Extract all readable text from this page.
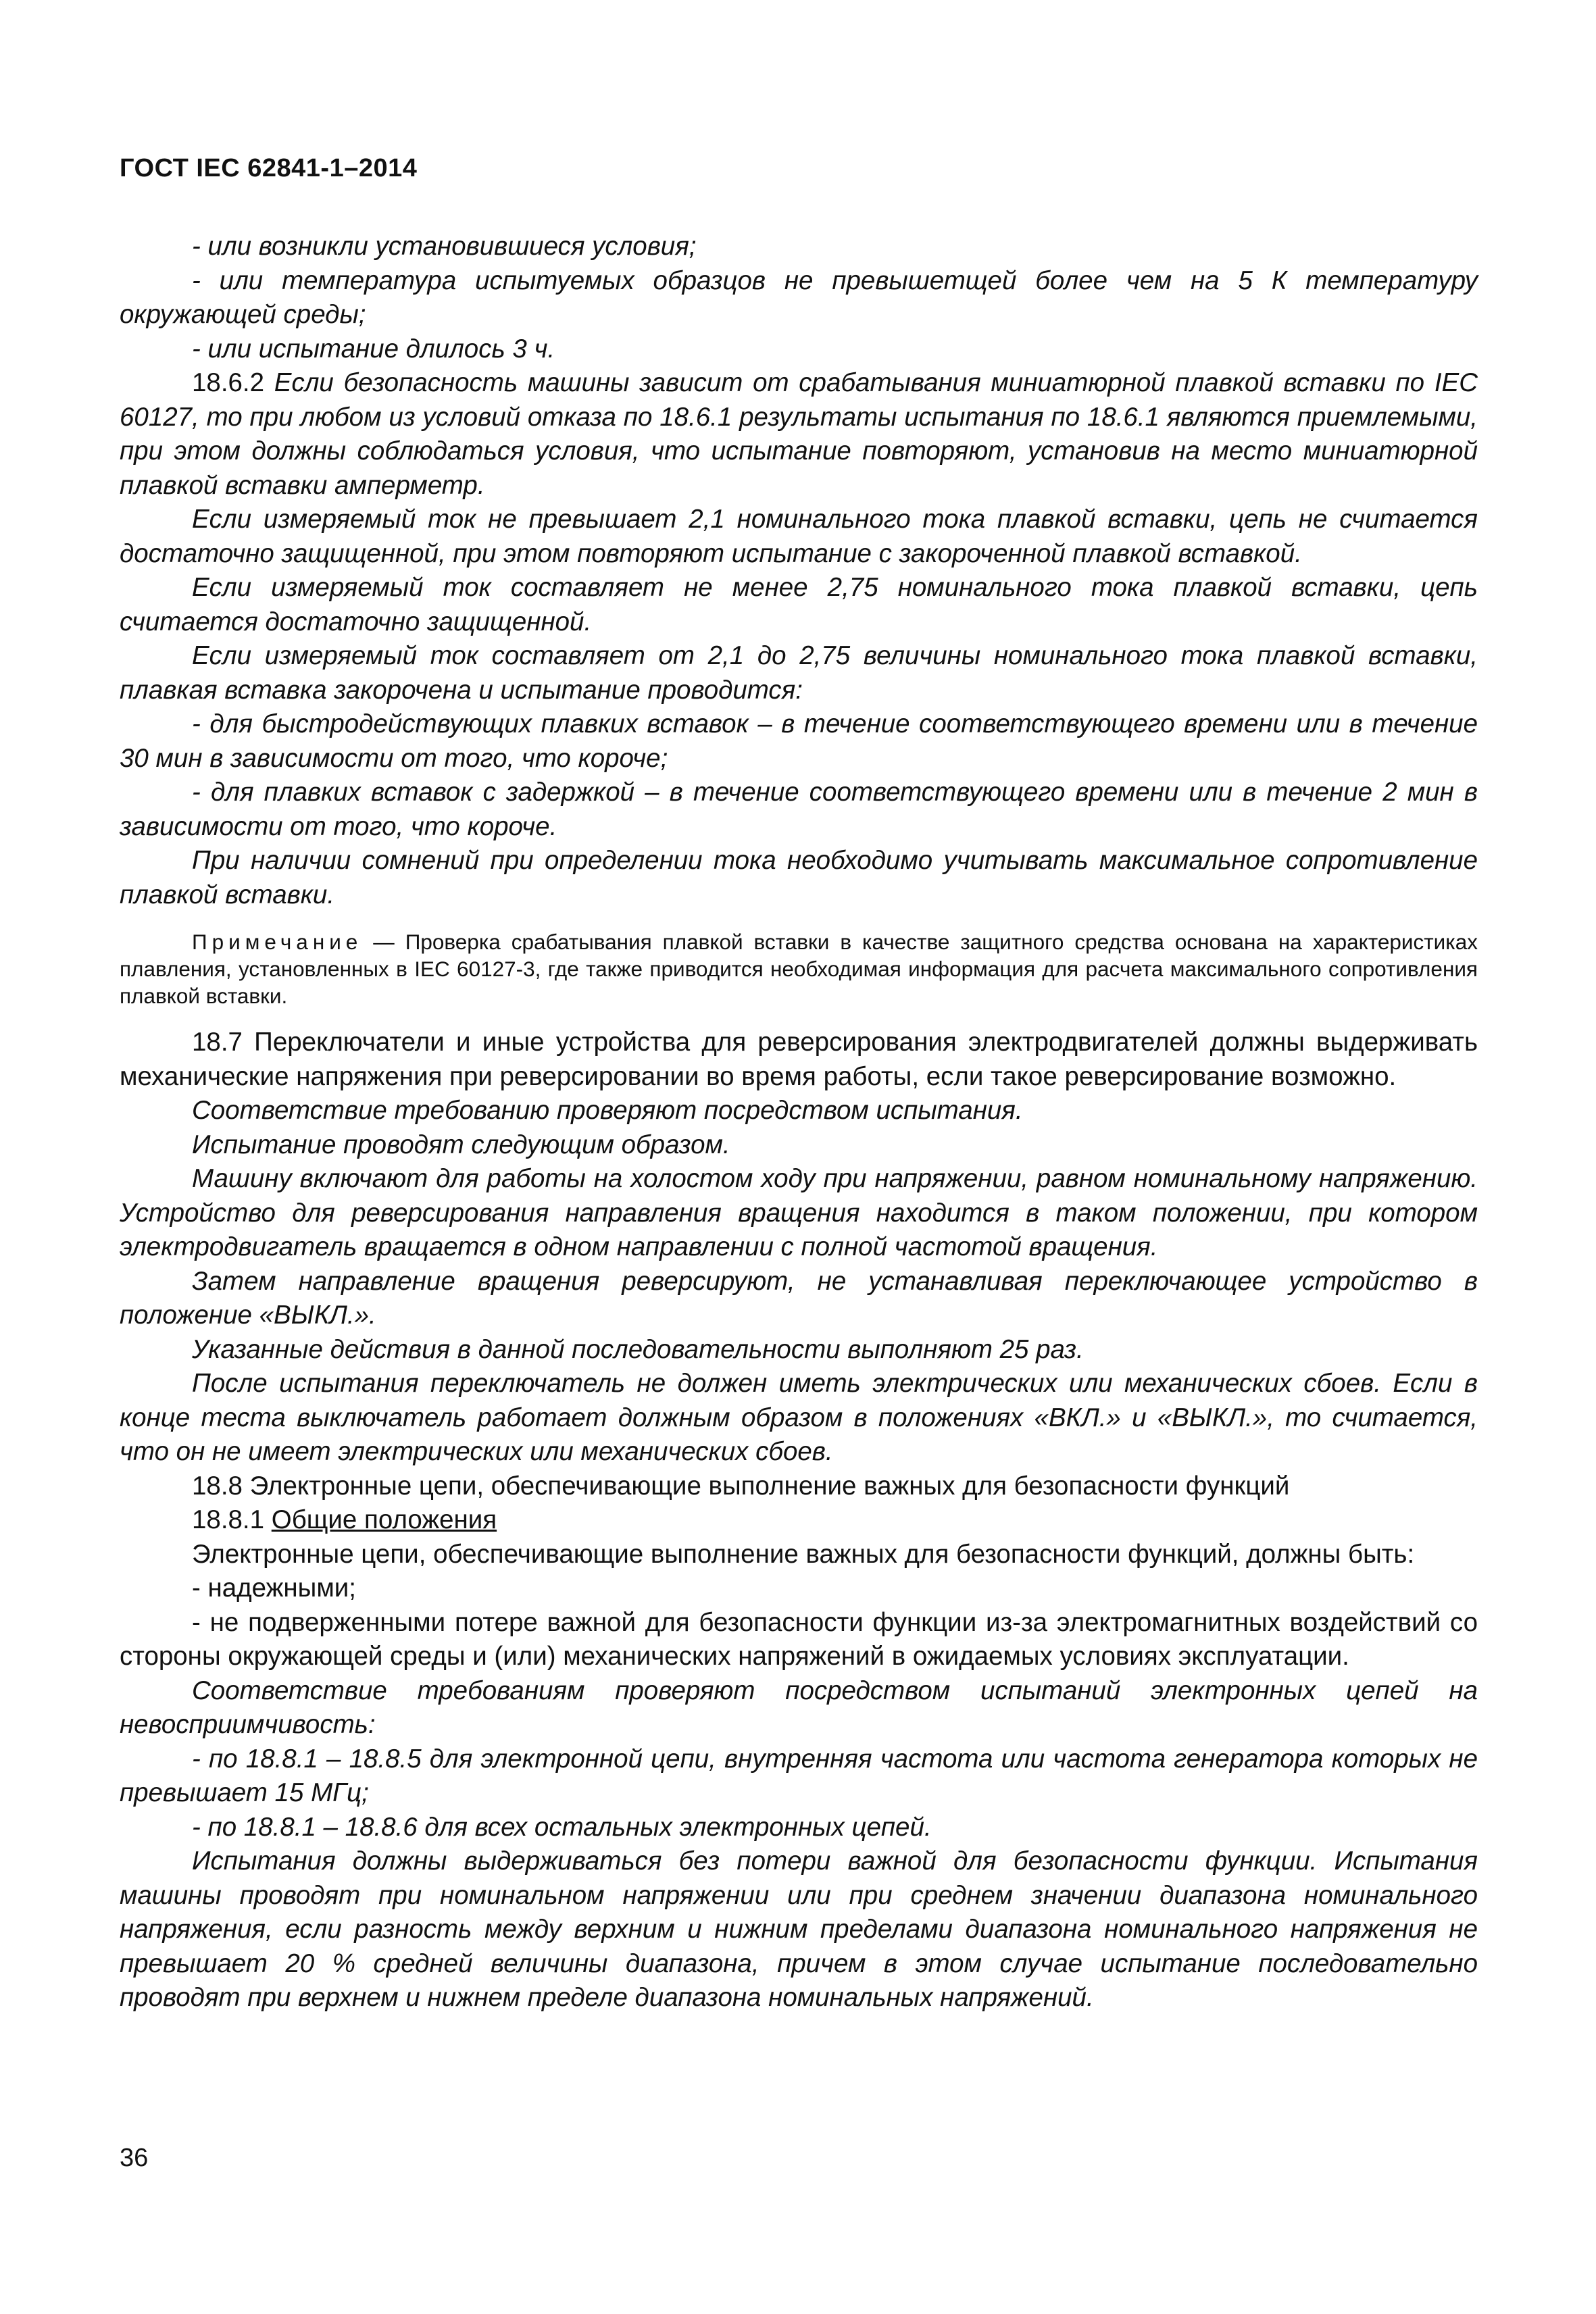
ГОСТ IEC 62841-1–2014

- или возникли установившиеся условия;

- или температура испытуемых образцов не превышетщей более чем на 5 К температуру окружающей среды;

- или испытание длилось 3 ч.

18.6.2 Если безопасность машины зависит от срабатывания миниатюрной плавкой вставки по IEC 60127, то при любом из условий отказа по 18.6.1 результаты испытания по 18.6.1 являются приемлемыми, при этом должны соблюдаться условия, что испытание повторяют, установив на место миниатюрной плавкой вставки амперметр.

Если измеряемый ток не превышает 2,1 номинального тока плавкой вставки, цепь не считается достаточно защищенной, при этом повторяют испытание с закороченной плавкой вставкой.

Если измеряемый ток составляет не менее 2,75 номинального тока плавкой вставки, цепь считается достаточно защищенной.

Если измеряемый ток составляет от 2,1 до 2,75 величины номинального тока плавкой вставки, плавкая вставка закорочена и испытание проводится:

- для быстродействующих плавких вставок – в течение соответствующего времени или в течение 30 мин в зависимости от того, что короче;

- для плавких вставок с задержкой – в течение соответствующего времени или в течение 2 мин в зависимости от того, что короче.

При наличии сомнений при определении тока необходимо учитывать максимальное сопротивление плавкой вставки.

Примечание — Проверка срабатывания плавкой вставки в качестве защитного средства основана на характеристиках плавления, установленных в IEC 60127-3, где также приводится необходимая информация для расчета максимального сопротивления плавкой вставки.

18.7 Переключатели и иные устройства для реверсирования электродвигателей должны выдерживать механические напряжения при реверсировании во время работы, если такое реверсирование возможно.

Соответствие требованию проверяют посредством испытания.

Испытание проводят следующим образом.

Машину включают для работы на холостом ходу при напряжении, равном номинальному напряжению. Устройство для реверсирования направления вращения находится в таком положении, при котором электродвигатель вращается в одном направлении с полной частотой вращения.

Затем направление вращения реверсируют, не устанавливая переключающее устройство в положение «ВЫКЛ.».

Указанные действия в данной последовательности выполняют 25 раз.

После испытания переключатель не должен иметь электрических или механических сбоев. Если в конце теста выключатель работает должным образом в положениях «ВКЛ.» и «ВЫКЛ.», то считается, что он не имеет электрических или механических сбоев.

18.8 Электронные цепи, обеспечивающие выполнение важных для безопасности функций

18.8.1 Общие положения

Электронные цепи, обеспечивающие выполнение важных для безопасности функций, должны быть:

- надежными;

- не подверженными потере важной для безопасности функции из-за электромагнитных воздействий со стороны окружающей среды и (или) механических напряжений в ожидаемых условиях эксплуатации.

Соответствие требованиям проверяют посредством испытаний электронных цепей на невосприимчивость:

- по 18.8.1 – 18.8.5 для электронной цепи, внутренняя частота или частота генератора которых не превышает 15 МГц;

- по 18.8.1 – 18.8.6 для всех остальных электронных цепей.

Испытания должны выдерживаться без потери важной для безопасности функции. Испытания машины проводят при номинальном напряжении или при среднем значении диапазона номинального напряжения, если разность между верхним и нижним пределами диапазона номинального напряжения не превышает 20 % средней величины диапазона, причем в этом случае испытание последовательно проводят при верхнем и нижнем пределе диапазона номинальных напряжений.

36
